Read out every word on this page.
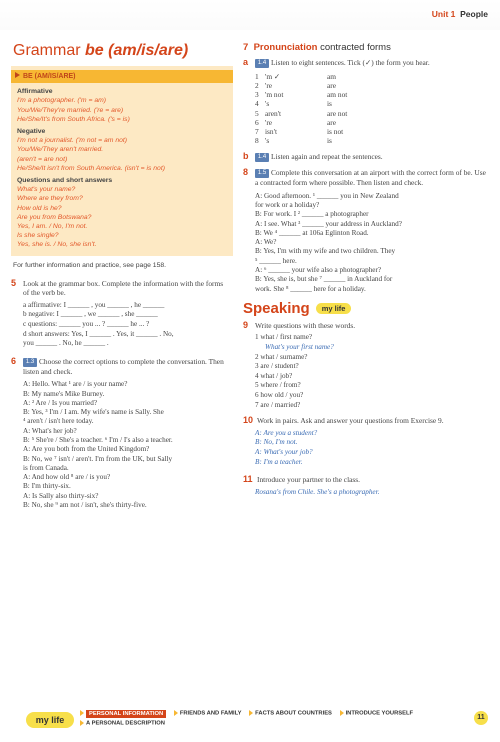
Unit 1 People
Grammar be (am/is/are)
BE (AM/IS/ARE)
Affirmative
I'm a photographer. ('m = am)
You/We/They're married. ('re = are)
He/She/It's from South Africa. ('s = is)
Negative
I'm not a journalist. ('m not = am not)
You/We/They aren't married.
(aren't = are not)
He/She/It isn't from South America. (isn't = is not)
Questions and short answers
What's your name?
Where are they from?
How old is he?
Are you from Botswana?
Yes, I am. / No, I'm not.
Is she single?
Yes, she is. / No, she isn't.
For further information and practice, see page 158.
5 Look at the grammar box. Complete the information with the forms of the verb be.
a affirmative: I ______ , you ______ , he ______
b negative: I ______ , we ______ , she ______
c questions: ______ you ... ? ______ he ... ?
d short answers: Yes, I ______ . Yes, it ______ . No,
you ______ . No, he ______ .
6 1.3 Choose the correct options to complete the conversation. Then listen and check.
A: Hello. What ¹ are / is your name?
B: My name's Mike Burney.
A: ² Are / Is you married?
B: Yes, ³ I'm / I am. My wife's name is Sally. She
⁴ aren't / isn't here today.
A: What's her job?
B: ⁵ She're / She's a teacher. ⁶ I'm / I's also a teacher.
A: Are you both from the United Kingdom?
B: No, we ⁷ isn't / aren't. I'm from the UK, but Sally
is from Canada.
A: And how old ⁸ are / is you?
B: I'm thirty-six.
A: Is Sally also thirty-six?
B: No, she ⁹ am not / isn't, she's thirty-five.
7 Pronunciation contracted forms
a 1.4 Listen to eight sentences. Tick (✓) the form you hear.
1 'm ✓	am
2 're	are
3 'm not	am not
4 's	is
5 aren't	are not
6 're	are
7 isn't	is not
8 's	is
b 1.4 Listen again and repeat the sentences.
8 1.5 Complete this conversation at an airport with the correct form of be. Use a contracted form where possible. Then listen and check.
A: Good afternoon. ¹ ______ you in New Zealand
for work or a holiday?
B: For work. I ² ______ a photographer
A: I see. What ³ ______ your address in Auckland?
B: We ⁴ ______ at 106a Eglinton Road.
A: We?
B: Yes, I'm with my wife and two children. They
⁵ ______ here.
A: ⁶ ______ your wife also a photographer?
B: Yes, she is, but she ⁷ ______ in Auckland for
work. She ⁸ ______ here for a holiday.
Speaking	my life
9 Write questions with these words.
1 what / first name?
What's your first name?
2 what / surname?
3 are / student?
4 what / job?
5 where / from?
6 how old / you?
7 are / married?
10 Work in pairs. Ask and answer your questions from Exercise 9.
A: Are you a student?
B: No, I'm not.
A: What's your job?
B: I'm a teacher.
11 Introduce your partner to the class.
Rosana's from Chile. She's a photographer.
my life
PERSONAL INFORMATION	FRIENDS AND FAMILY FACTS ABOUT COUNTRIES INTRODUCE YOURSELF
A PERSONAL DESCRIPTION
11
